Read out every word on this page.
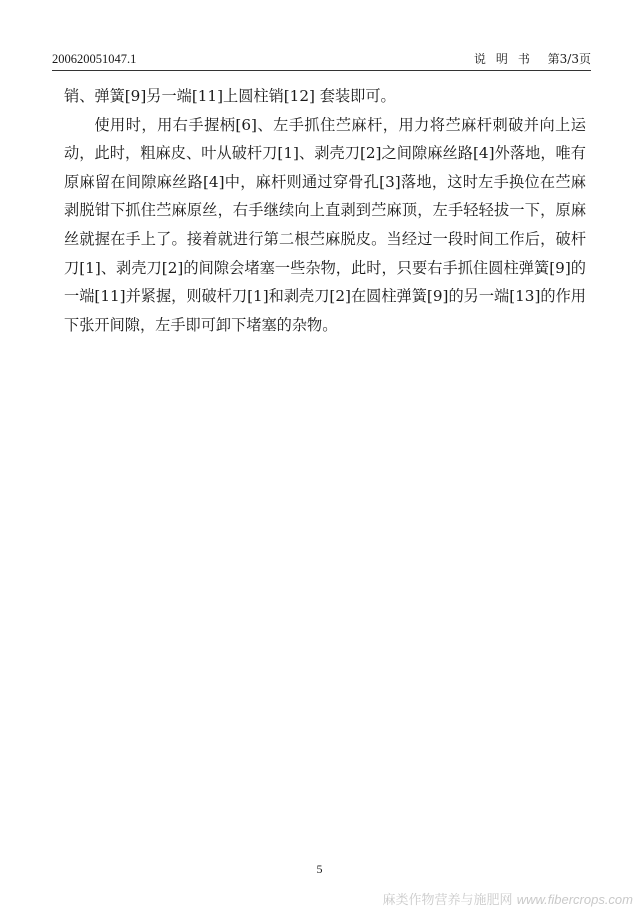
200620051047.1	说明书 第3/3页

销、弹簧[9]另一端[11]上圆柱销[12] 套装即可。

使用时，用右手握柄[6]、左手抓住苎麻杆，用力将苎麻杆刺破并向上运动，此时，粗麻皮、叶从破杆刀[1]、剥壳刀[2]之间隙麻丝路[4]外落地，唯有原麻留在间隙麻丝路[4]中，麻杆则通过穿骨孔[3]落地，这时左手换位在苎麻剥脱钳下抓住苎麻原丝，右手继续向上直剥到苎麻顶，左手轻轻拔一下，原麻丝就握在手上了。接着就进行第二根苎麻脱皮。当经过一段时间工作后，破杆刀[1]、剥壳刀[2]的间隙会堵塞一些杂物，此时，只要右手抓住圆柱弹簧[9]的一端[11]并紧握，则破杆刀[1]和剥壳刀[2]在圆柱弹簧[9]的另一端[13]的作用下张开间隙，左手即可卸下堵塞的杂物。

5
麻类作物营养与施肥网 www.fibercrops.com
